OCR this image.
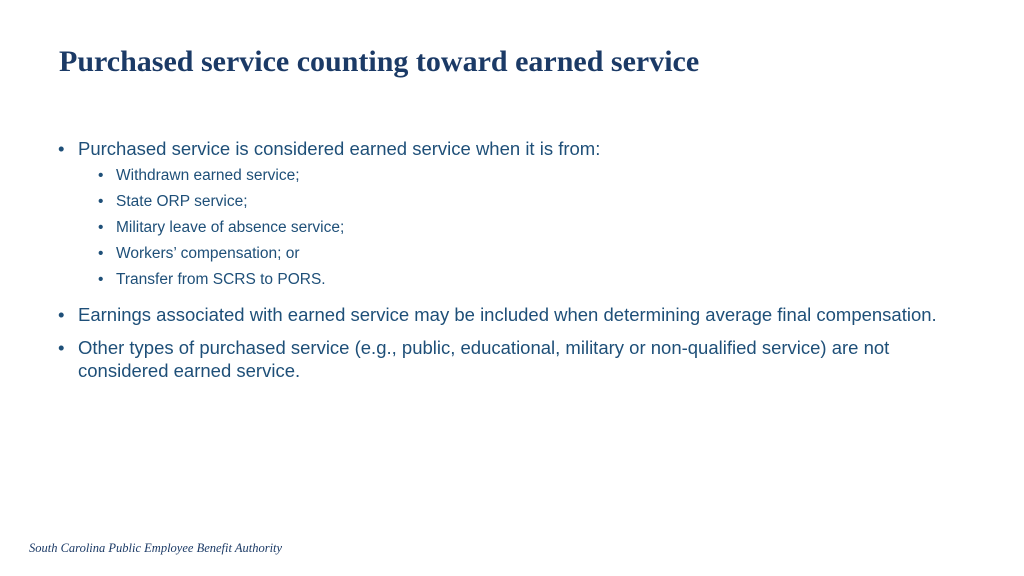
Purchased service counting toward earned service
• Purchased service is considered earned service when it is from:
• Withdrawn earned service;
• State ORP service;
• Military leave of absence service;
• Workers’ compensation; or
• Transfer from SCRS to PORS.
• Earnings associated with earned service may be included when determining average final compensation.
• Other types of purchased service (e.g., public, educational, military or non-qualified service) are not considered earned service.
South Carolina Public Employee Benefit Authority
